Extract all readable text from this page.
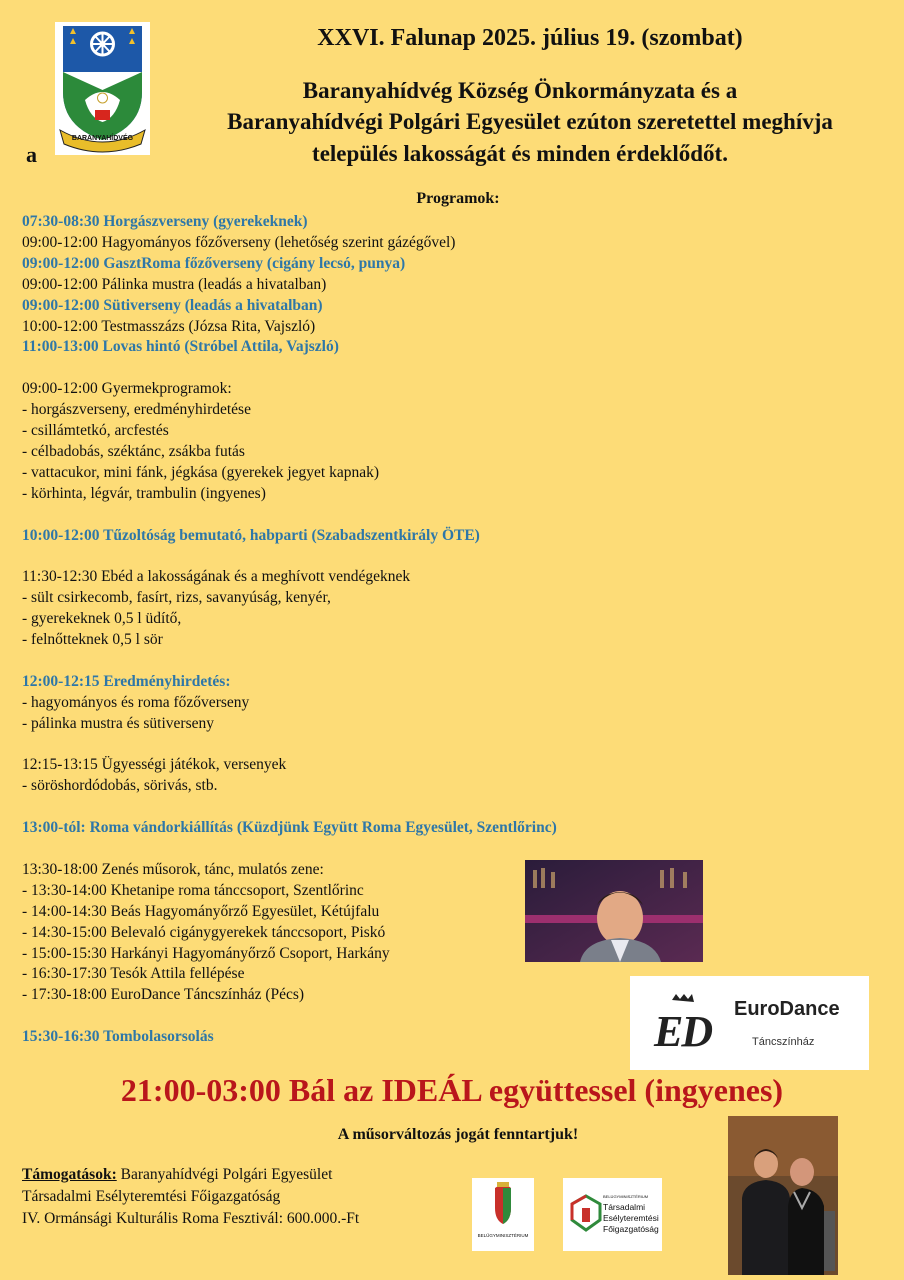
BARANYAHÍDVÉG
a
XXVI. Falunap 2025. július 19. (szombat)
Baranyahídvég Község Önkormányzata és a
Baranyahídvégi Polgári Egyesület ezúton szeretettel meghívja
település lakosságát és minden érdeklődőt.
Programok:
07:30-08:30 Horgászverseny (gyerekeknek)
09:00-12:00 Hagyományos főzőverseny (lehetőség szerint gázégővel)
09:00-12:00 GasztRoma főzőverseny (cigány lecsó, punya)
09:00-12:00 Pálinka mustra (leadás a hivatalban)
09:00-12:00 Sütiverseny (leadás a hivatalban)
10:00-12:00 Testmasszázs (Józsa Rita, Vajszló)
11:00-13:00 Lovas hintó (Stróbel Attila, Vajszló)
09:00-12:00 Gyermekprogramok:
- horgászverseny, eredményhirdetése
- csillámtetkó, arcfestés
- célbadobás, széktánc, zsákba futás
- vattacukor, mini fánk, jégkása (gyerekek jegyet kapnak)
- körhinta, légvár, trambulin (ingyenes)
10:00-12:00 Tűzoltóság bemutató, habparti (Szabadszentkirály ÖTE)
11:30-12:30 Ebéd a lakosságának és a meghívott vendégeknek
- sült csirkecomb, fasírt, rizs, savanyúság, kenyér,
- gyerekeknek 0,5 l üdítő,
- felnőtteknek 0,5 l sör
12:00-12:15 Eredményhirdetés:
- hagyományos és roma főzőverseny
- pálinka mustra és sütiverseny
12:15-13:15 Ügyességi játékok, versenyek
- söröshordódobás, sörivás, stb.
13:00-tól: Roma vándorkiállítás (Küzdjünk Együtt Roma Egyesület, Szentlőrinc)
13:30-18:00 Zenés műsorok, tánc, mulatós zene:
- 13:30-14:00 Khetanipe roma tánccsoport, Szentlőrinc
- 14:00-14:30 Beás Hagyományőrző Egyesület, Kétújfalu
- 14:30-15:00 Belevaló cigánygyerekek tánccsoport, Piskó
- 15:00-15:30 Harkányi Hagyományőrző Csoport, Harkány
- 16:30-17:30 Tesók Attila fellépése
- 17:30-18:00 EuroDance Táncszínház (Pécs)
15:30-16:30 Tombolasorsolás	ED EuroDance
Táncszínház
21:00-03:00 Bál az IDEÁL együttessel (ingyenes)
A műsorváltozás jogát fenntartjuk!
Támogatások: Baranyahídvégi Polgári Egyesület
Társadalmi Esélyteremtési Főigazgatóság
IV. Ormánsági Kulturális Roma Fesztivál: 600.000.-Ft
BELÜGYMINISZTÉRIUM
BELÜGYMINISZTÉRIUM
Társadalmi
Esélyteremtési
Főigazgatóság
